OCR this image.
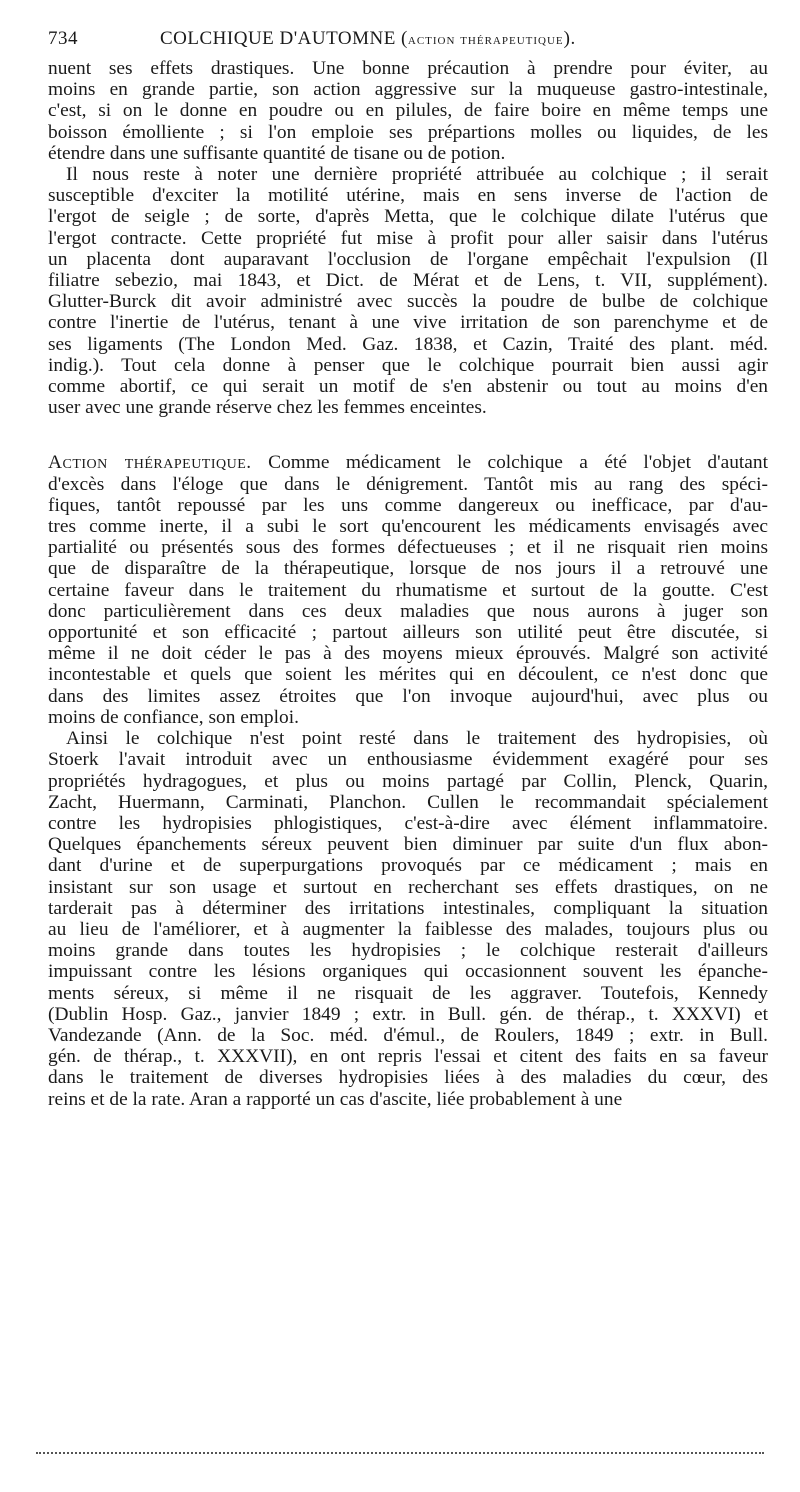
734	COLCHIQUE D'AUTOMNE (action thérapeutique).
nuent ses effets drastiques. Une bonne précaution à prendre pour éviter, au
moins en grande partie, son action aggressive sur la muqueuse gastro-intestinale,
c'est, si on le donne en poudre ou en pilules, de faire boire en même temps une
boisson émolliente ; si l'on emploie ses prépartions molles ou liquides, de les
étendre dans une suffisante quantité de tisane ou de potion.
Il nous reste à noter une dernière propriété attribuée au colchique ; il serait
susceptible d'exciter la motilité utérine, mais en sens inverse de l'action de
l'ergot de seigle ; de sorte, d'après Metta, que le colchique dilate l'utérus que
l'ergot contracte. Cette propriété fut mise à profit pour aller saisir dans l'utérus
un placenta dont auparavant l'occlusion de l'organe empêchait l'expulsion (Il
filiatre sebezio, mai 1843, et Dict. de Mérat et de Lens, t. VII, supplément).
Glutter-Burck dit avoir administré avec succès la poudre de bulbe de colchique
contre l'inertie de l'utérus, tenant à une vive irritation de son parenchyme et de
ses ligaments (The London Med. Gaz. 1838, et Cazin, Traité des plant. méd.
indig.). Tout cela donne à penser que le colchique pourrait bien aussi agir
comme abortif, ce qui serait un motif de s'en abstenir ou tout au moins d'en
user avec une grande réserve chez les femmes enceintes.
Action thérapeutique. Comme médicament le colchique a été l'objet d'autant
d'excès dans l'éloge que dans le dénigrement. Tantôt mis au rang des spéci-
fiques, tantôt repoussé par les uns comme dangereux ou inefficace, par d'au-
tres comme inerte, il a subi le sort qu'encourent les médicaments envisagés avec
partialité ou présentés sous des formes défectueuses ; et il ne risquait rien moins
que de disparaître de la thérapeutique, lorsque de nos jours il a retrouvé une
certaine faveur dans le traitement du rhumatisme et surtout de la goutte. C'est
donc particulièrement dans ces deux maladies que nous aurons à juger son
opportunité et son efficacité ; partout ailleurs son utilité peut être discutée, si
même il ne doit céder le pas à des moyens mieux éprouvés. Malgré son activité
incontestable et quels que soient les mérites qui en découlent, ce n'est donc que
dans des limites assez étroites que l'on invoque aujourd'hui, avec plus ou
moins de confiance, son emploi.
Ainsi le colchique n'est point resté dans le traitement des hydropisies, où
Stoerk l'avait introduit avec un enthousiasme évidemment exagéré pour ses
propriétés hydragogues, et plus ou moins partagé par Collin, Plenck, Quarin,
Zacht, Huermann, Carminati, Planchon. Cullen le recommandait spécialement
contre les hydropisies phlogistiques, c'est-à-dire avec élément inflammatoire.
Quelques épanchements séreux peuvent bien diminuer par suite d'un flux abon-
dant d'urine et de superpurgations provoqués par ce médicament ; mais en
insistant sur son usage et surtout en recherchant ses effets drastiques, on ne
tarderait pas à déterminer des irritations intestinales, compliquant la situation
au lieu de l'améliorer, et à augmenter la faiblesse des malades, toujours plus ou
moins grande dans toutes les hydropisies ; le colchique resterait d'ailleurs
impuissant contre les lésions organiques qui occasionnent souvent les épanche-
ments séreux, si même il ne risquait de les aggraver. Toutefois, Kennedy
(Dublin Hosp. Gaz., janvier 1849 ; extr. in Bull. gén. de thérap., t. XXXVI) et
Vandezande (Ann. de la Soc. méd. d'émul., de Roulers, 1849 ; extr. in Bull.
gén. de thérap., t. XXXVII), en ont repris l'essai et citent des faits en sa faveur
dans le traitement de diverses hydropisies liées à des maladies du cœur, des
reins et de la rate. Aran a rapporté un cas d'ascite, liée probablement à une
